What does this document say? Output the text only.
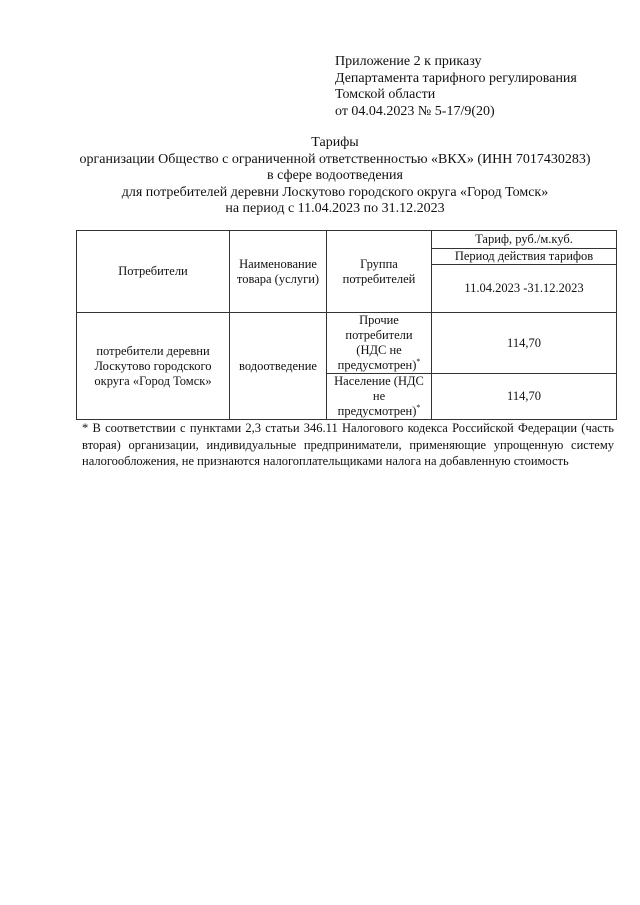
Приложение 2 к приказу
Департамента тарифного регулирования
Томской области
от 04.04.2023 № 5-17/9(20)
Тарифы
организации Общество с ограниченной ответственностью «ВКХ» (ИНН 7017430283)
в сфере водоотведения
для потребителей деревни Лоскутово городского округа «Город Томск»
на период с 11.04.2023 по 31.12.2023
Потребители	Наименование товара (услуги)	Группа потребителей	Тариф, руб./м.куб.
			Период действия тарифов
			11.04.2023 -31.12.2023
потребители деревни Лоскутово городского округа «Город Томск»	водоотведение	Прочие потребители (НДС не предусмотрен)*	114,70
		Население (НДС не предусмотрен)*	114,70
* В соответствии с пунктами 2,3 статьи 346.11 Налогового кодекса Российской Федерации (часть вторая) организации, индивидуальные предприниматели, применяющие упрощенную систему налогообложения, не признаются налогоплательщиками налога на добавленную стоимость
